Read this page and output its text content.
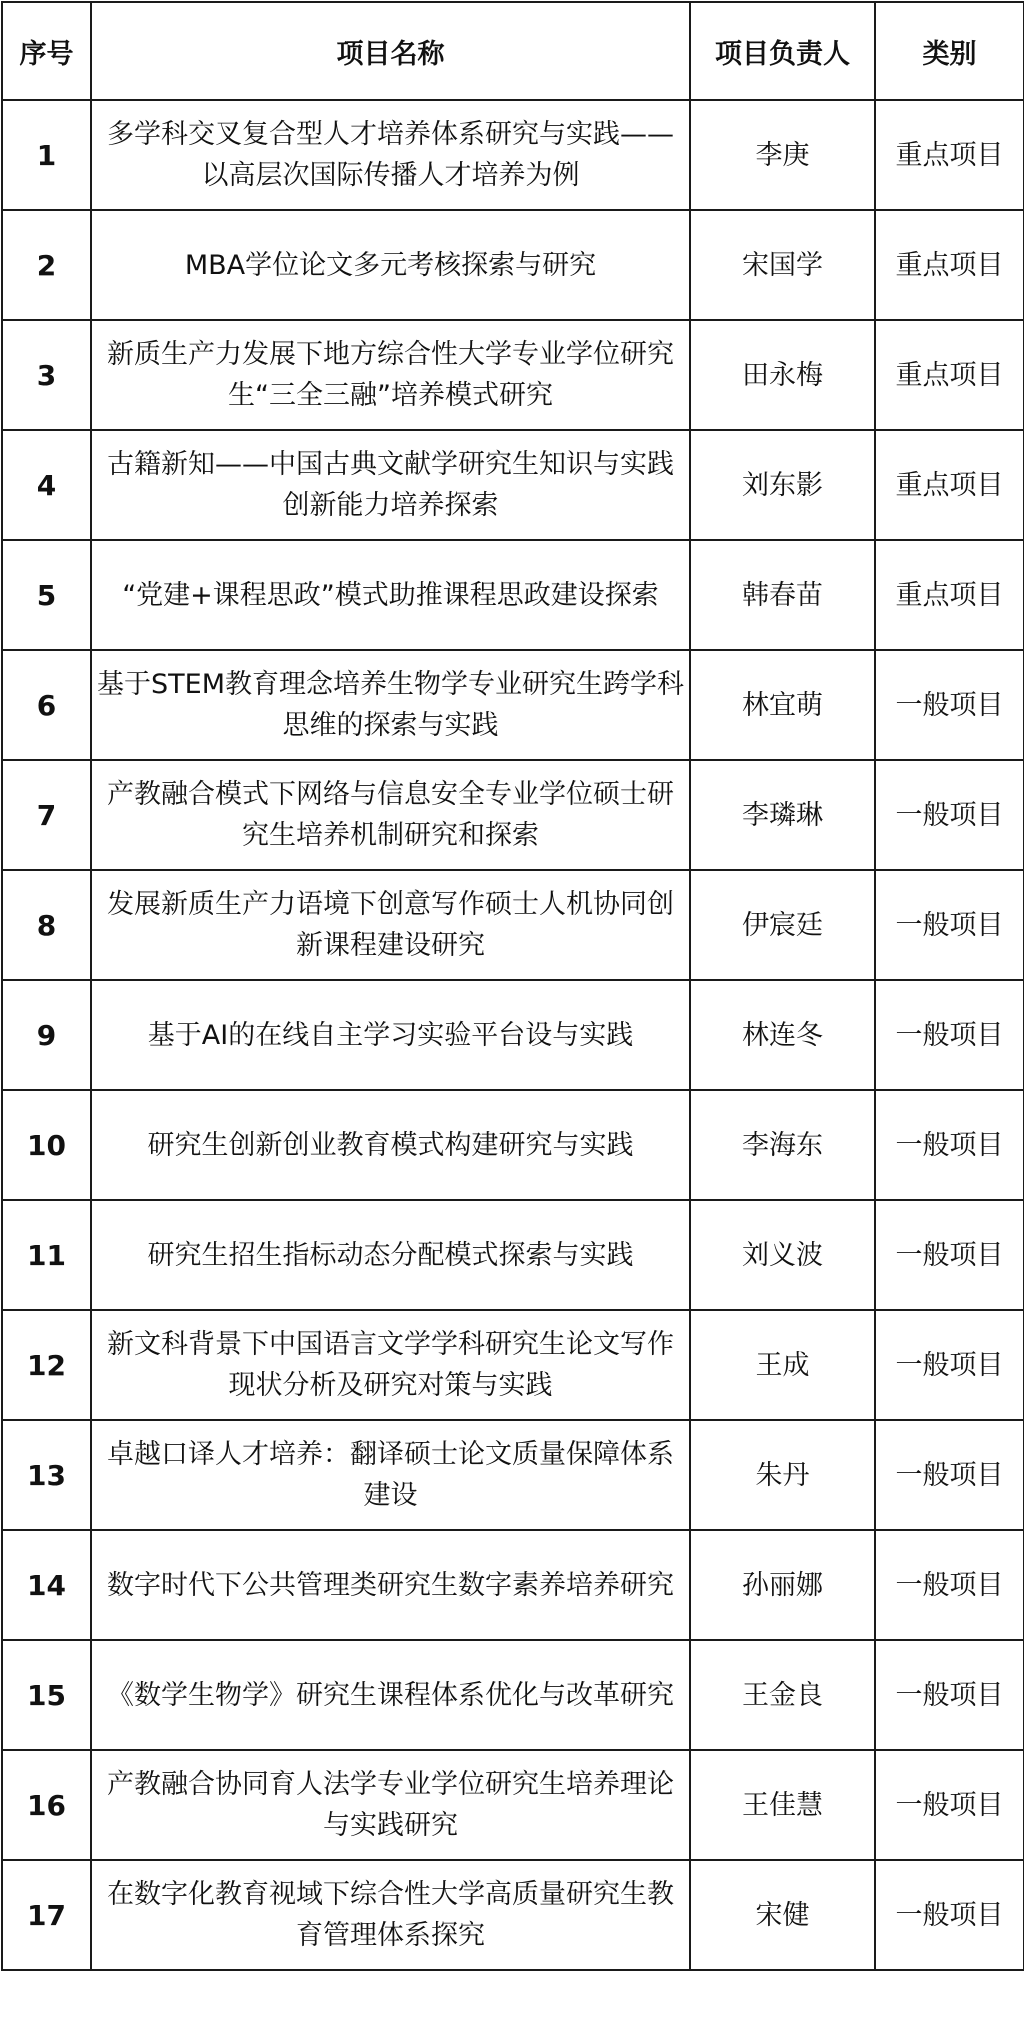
序号	项目名称	项目负责人	类别
1	多学科交叉复合型人才培养体系研究与实践——以高层次国际传播人才培养为例	李庚	重点项目
2	MBA学位论文多元考核探索与研究	宋国学	重点项目
3	新质生产力发展下地方综合性大学专业学位研究生“三全三融”培养模式研究	田永梅	重点项目
4	古籍新知——中国古典文献学研究生知识与实践创新能力培养探索	刘东影	重点项目
5	“党建+课程思政”模式助推课程思政建设探索	韩春苗	重点项目
6	基于STEM教育理念培养生物学专业研究生跨学科思维的探索与实践	林宜萌	一般项目
7	产教融合模式下网络与信息安全专业学位硕士研究生培养机制研究和探索	李璘琳	一般项目
8	发展新质生产力语境下创意写作硕士人机协同创新课程建设研究	伊宸廷	一般项目
9	基于AI的在线自主学习实验平台设与实践	林连冬	一般项目
10	研究生创新创业教育模式构建研究与实践	李海东	一般项目
11	研究生招生指标动态分配模式探索与实践	刘义波	一般项目
12	新文科背景下中国语言文学学科研究生论文写作现状分析及研究对策与实践	王成	一般项目
13	卓越口译人才培养：翻译硕士论文质量保障体系建设	朱丹	一般项目
14	数字时代下公共管理类研究生数字素养培养研究	孙丽娜	一般项目
15	《数学生物学》研究生课程体系优化与改革研究	王金良	一般项目
16	产教融合协同育人法学专业学位研究生培养理论与实践研究	王佳慧	一般项目
17	在数字化教育视域下综合性大学高质量研究生教育管理体系探究	宋健	一般项目
